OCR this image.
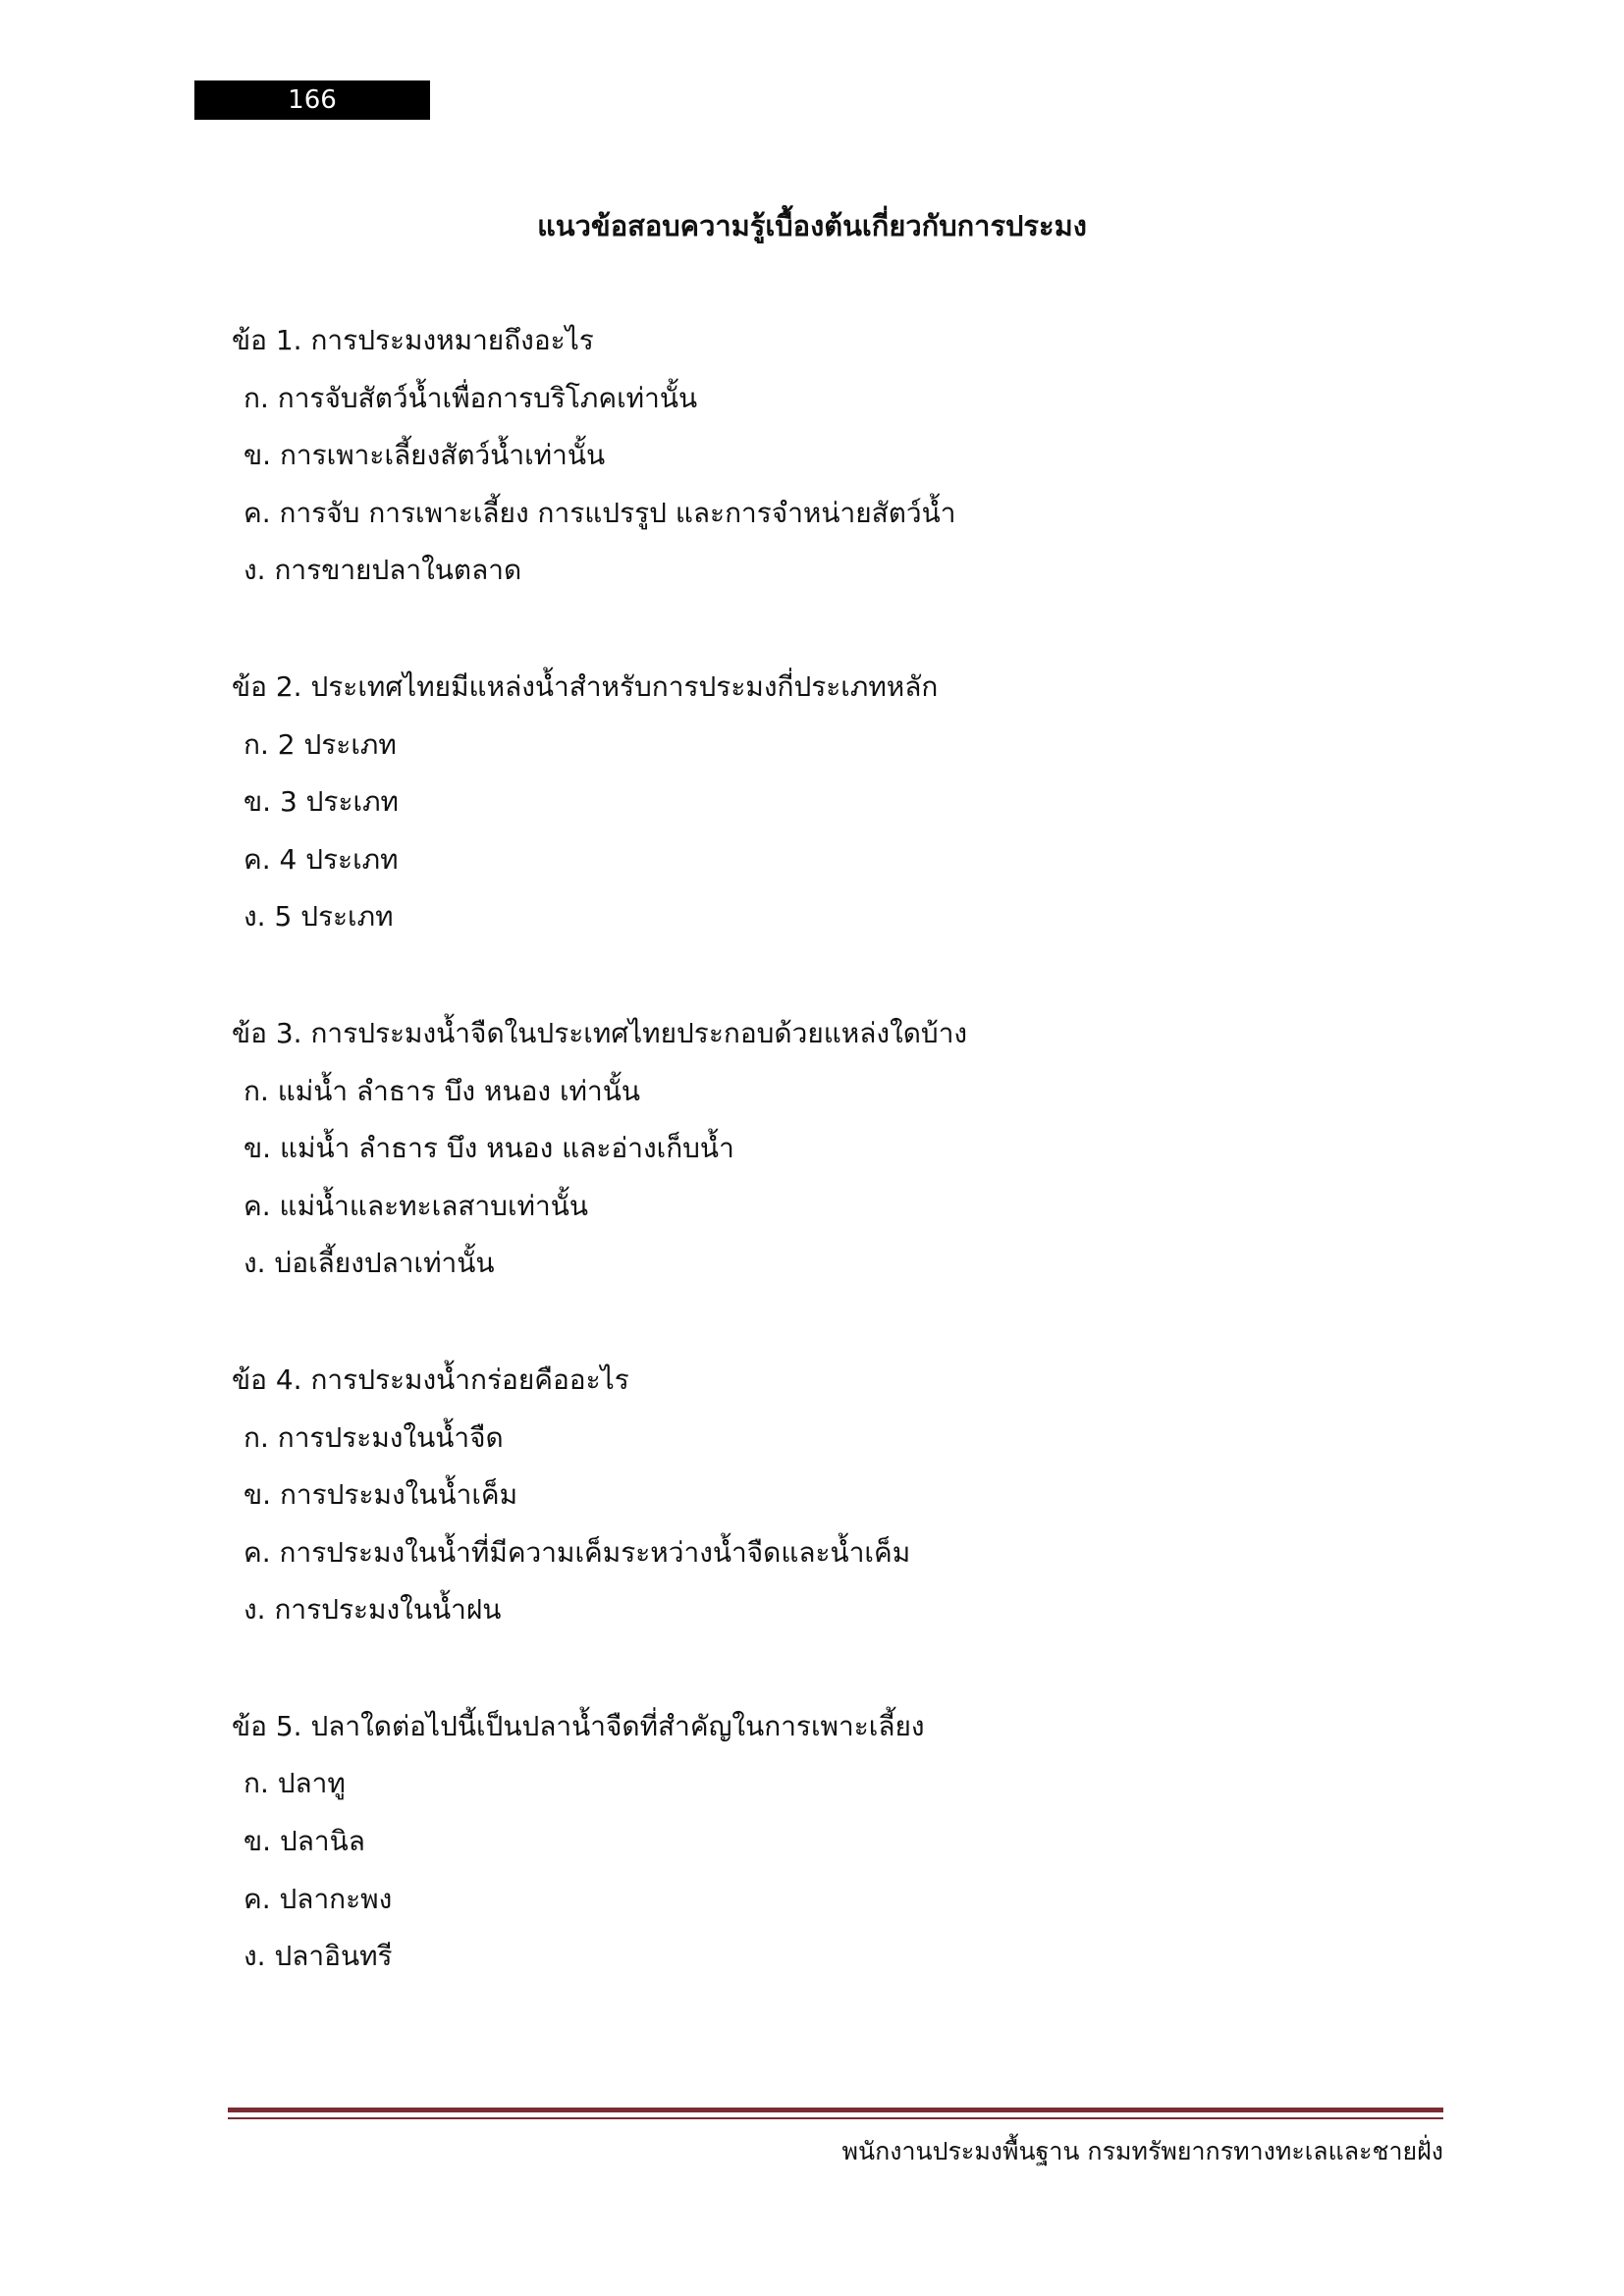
166
แนวข้อสอบความรู้เบื้องต้นเกี่ยวกับการประมง
ข้อ 1. การประมงหมายถึงอะไร
ก. การจับสัตว์น้ำเพื่อการบริโภคเท่านั้น
ข. การเพาะเลี้ยงสัตว์น้ำเท่านั้น
ค. การจับ การเพาะเลี้ยง การแปรรูป และการจำหน่ายสัตว์น้ำ
ง. การขายปลาในตลาด
ข้อ 2. ประเทศไทยมีแหล่งน้ำสำหรับการประมงกี่ประเภทหลัก
ก. 2 ประเภท
ข. 3 ประเภท
ค. 4 ประเภท
ง. 5 ประเภท
ข้อ 3. การประมงน้ำจืดในประเทศไทยประกอบด้วยแหล่งใดบ้าง
ก. แม่น้ำ ลำธาร บึง หนอง เท่านั้น
ข. แม่น้ำ ลำธาร บึง หนอง และอ่างเก็บน้ำ
ค. แม่น้ำและทะเลสาบเท่านั้น
ง. บ่อเลี้ยงปลาเท่านั้น
ข้อ 4. การประมงน้ำกร่อยคืออะไร
ก. การประมงในน้ำจืด
ข. การประมงในน้ำเค็ม
ค. การประมงในน้ำที่มีความเค็มระหว่างน้ำจืดและน้ำเค็ม
ง. การประมงในน้ำฝน
ข้อ 5. ปลาใดต่อไปนี้เป็นปลาน้ำจืดที่สำคัญในการเพาะเลี้ยง
ก. ปลาทู
ข. ปลานิล
ค. ปลากะพง
ง. ปลาอินทรี
พนักงานประมงพื้นฐาน กรมทรัพยากรทางทะเลและชายฝั่ง
